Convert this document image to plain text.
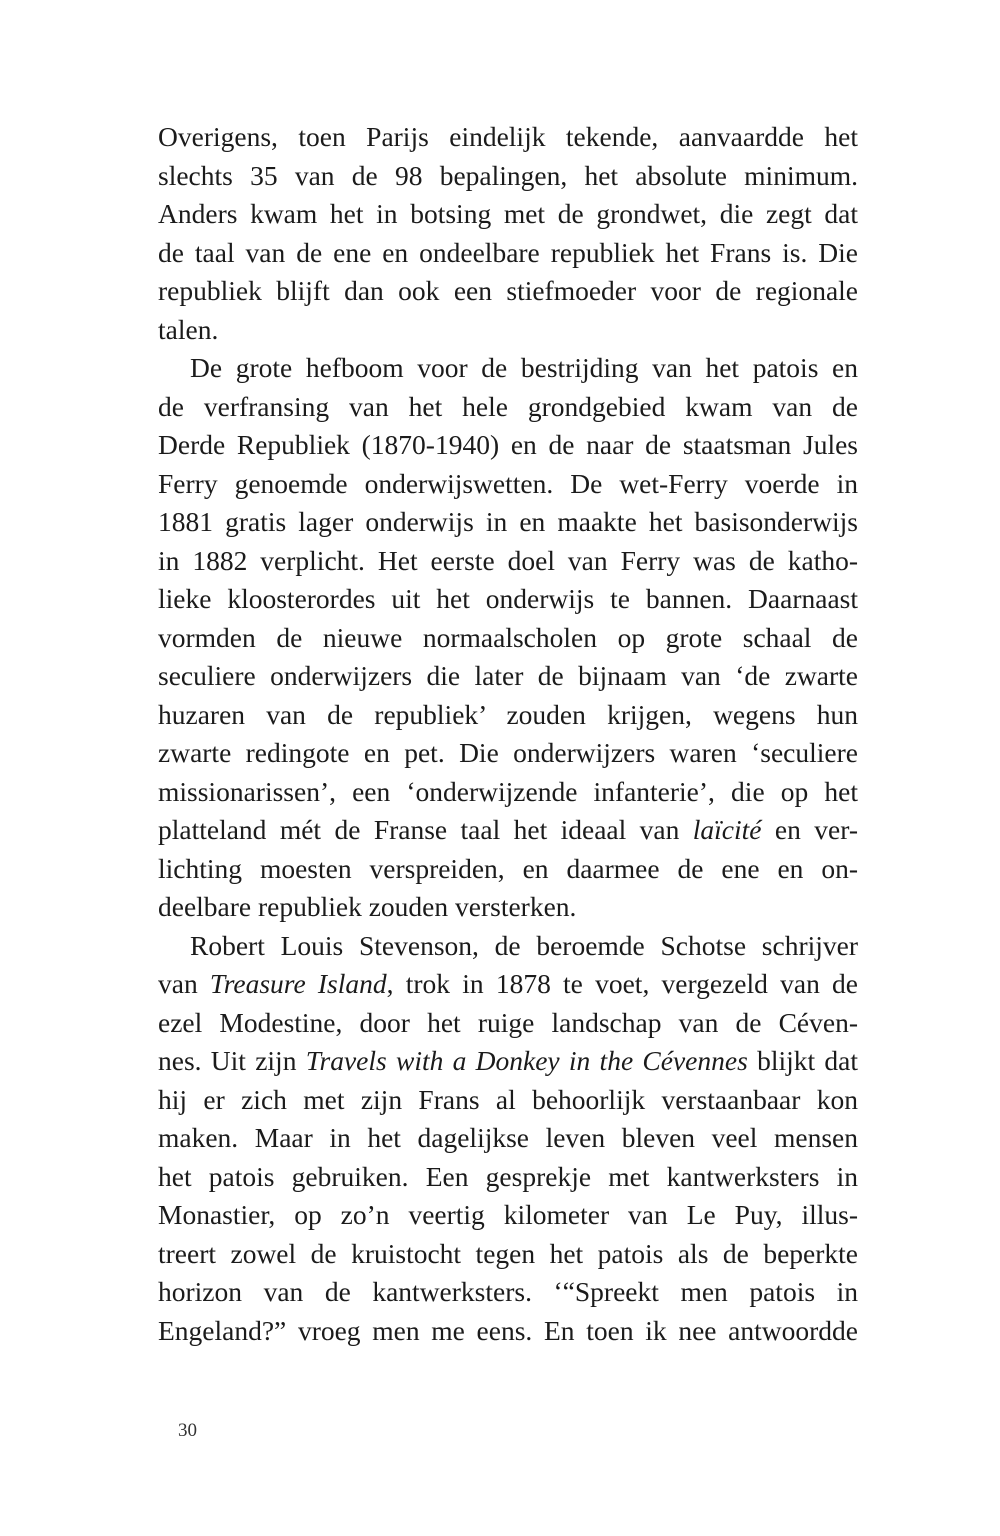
Overigens, toen Parijs eindelijk tekende, aanvaardde het
slechts 35 van de 98 bepalingen, het absolute minimum.
Anders kwam het in botsing met de grondwet, die zegt dat
de taal van de ene en ondeelbare republiek het Frans is. Die
republiek blijft dan ook een stiefmoeder voor de regionale
talen.
De grote hefboom voor de bestrijding van het patois en
de verfransing van het hele grondgebied kwam van de
Derde Republiek (1870-1940) en de naar de staatsman Jules
Ferry genoemde onderwijswetten. De wet-Ferry voerde in
1881 gratis lager onderwijs in en maakte het basisonderwijs
in 1882 verplicht. Het eerste doel van Ferry was de katho-
lieke kloosterordes uit het onderwijs te bannen. Daarnaast
vormden de nieuwe normaalscholen op grote schaal de
seculiere onderwijzers die later de bijnaam van ‘de zwarte
huzaren van de republiek’ zouden krijgen, wegens hun
zwarte redingote en pet. Die onderwijzers waren ‘seculiere
missionarissen’, een ‘onderwijzende infanterie’, die op het
platteland mét de Franse taal het ideaal van laïcité en ver-
lichting moesten verspreiden, en daarmee de ene en on-
deelbare republiek zouden versterken.
Robert Louis Stevenson, de beroemde Schotse schrijver
van Treasure Island, trok in 1878 te voet, vergezeld van de
ezel Modestine, door het ruige landschap van de Céven-
nes. Uit zijn Travels with a Donkey in the Cévennes blijkt dat
hij er zich met zijn Frans al behoorlijk verstaanbaar kon
maken. Maar in het dagelijkse leven bleven veel mensen
het patois gebruiken. Een gesprekje met kantwerksters in
Monastier, op zo’n veertig kilometer van Le Puy, illus-
treert zowel de kruistocht tegen het patois als de beperkte
horizon van de kantwerksters. ‘“Spreekt men patois in
Engeland?” vroeg men me eens. En toen ik nee antwoordde
30
